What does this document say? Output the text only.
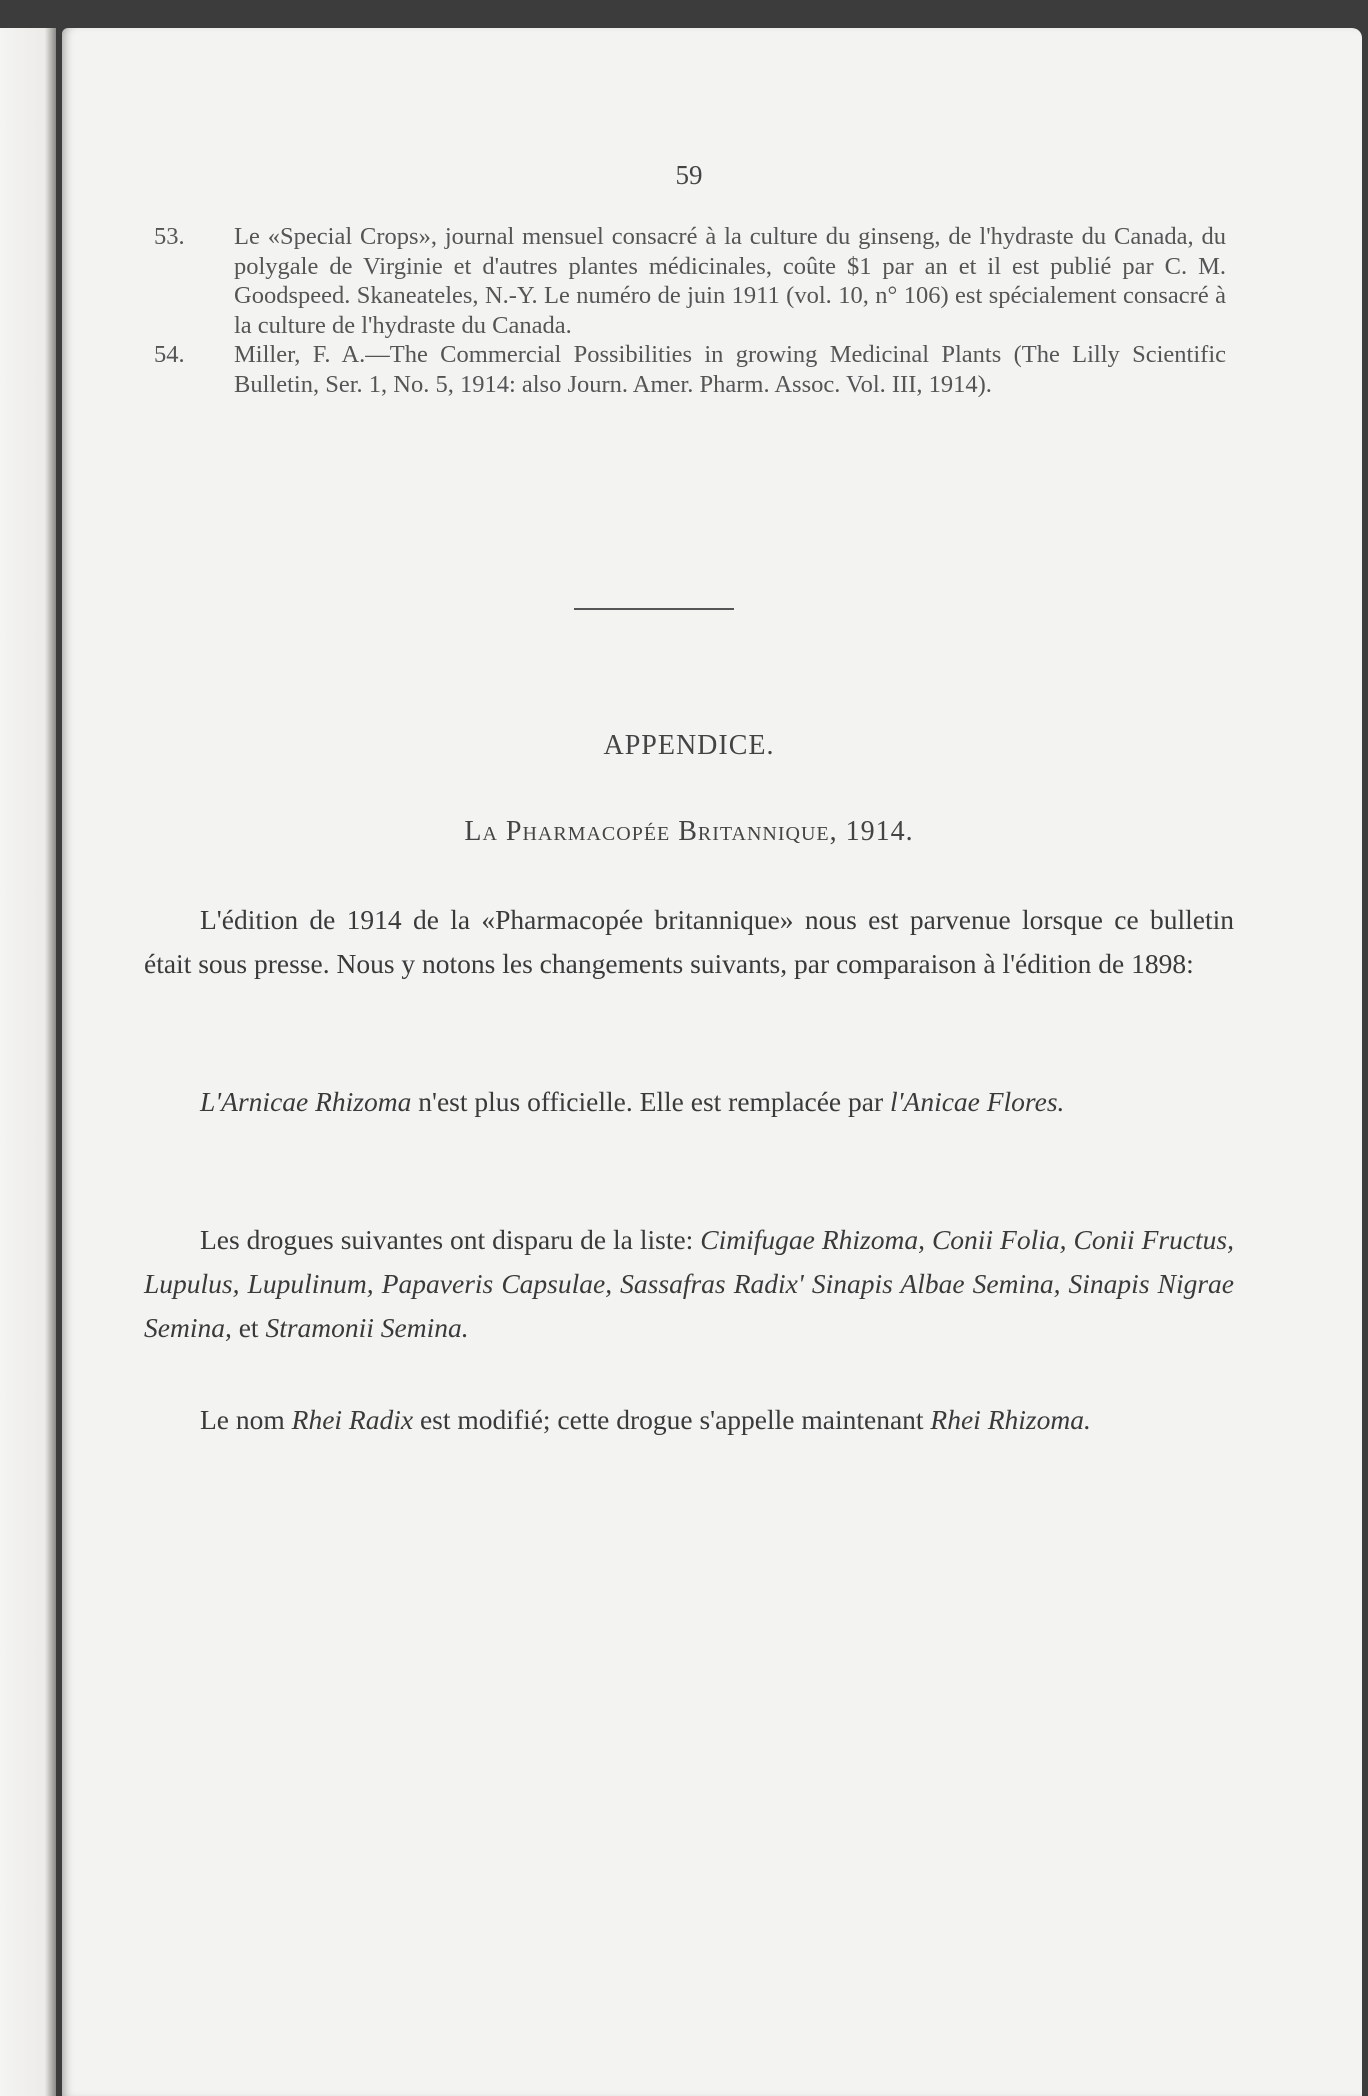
59
53. Le «Special Crops», journal mensuel consacré à la culture du ginseng, de l'hydraste du Canada, du polygale de Virginie et d'autres plantes médicinales, coûte $1 par an et il est publié par C. M. Goodspeed. Skaneateles, N.-Y. Le numéro de juin 1911 (vol. 10, n° 106) est spécialement consacré à la culture de l'hydraste du Canada.
54. Miller, F. A.—The Commercial Possibilities in growing Medicinal Plants (The Lilly Scientific Bulletin, Ser. 1, No. 5, 1914: also Journ. Amer. Pharm. Assoc. Vol. III, 1914).
APPENDICE.
La Pharmacopée Britannique, 1914.
L'édition de 1914 de la «Pharmacopée britannique» nous est parvenue lorsque ce bulletin était sous presse. Nous y notons les changements suivants, par comparaison à l'édition de 1898:
L'Arnicae Rhizoma n'est plus officielle. Elle est remplacée par l'Anicae Flores.
Les drogues suivantes ont disparu de la liste: Cimifugae Rhizoma, Conii Folia, Conii Fructus, Lupulus, Lupulinum, Papaveris Capsulae, Sassafras Radix' Sinapis Albae Semina, Sinapis Nigrae Semina, et Stramonii Semina.
Le nom Rhei Radix est modifié; cette drogue s'appelle maintenant Rhei Rhizoma.
